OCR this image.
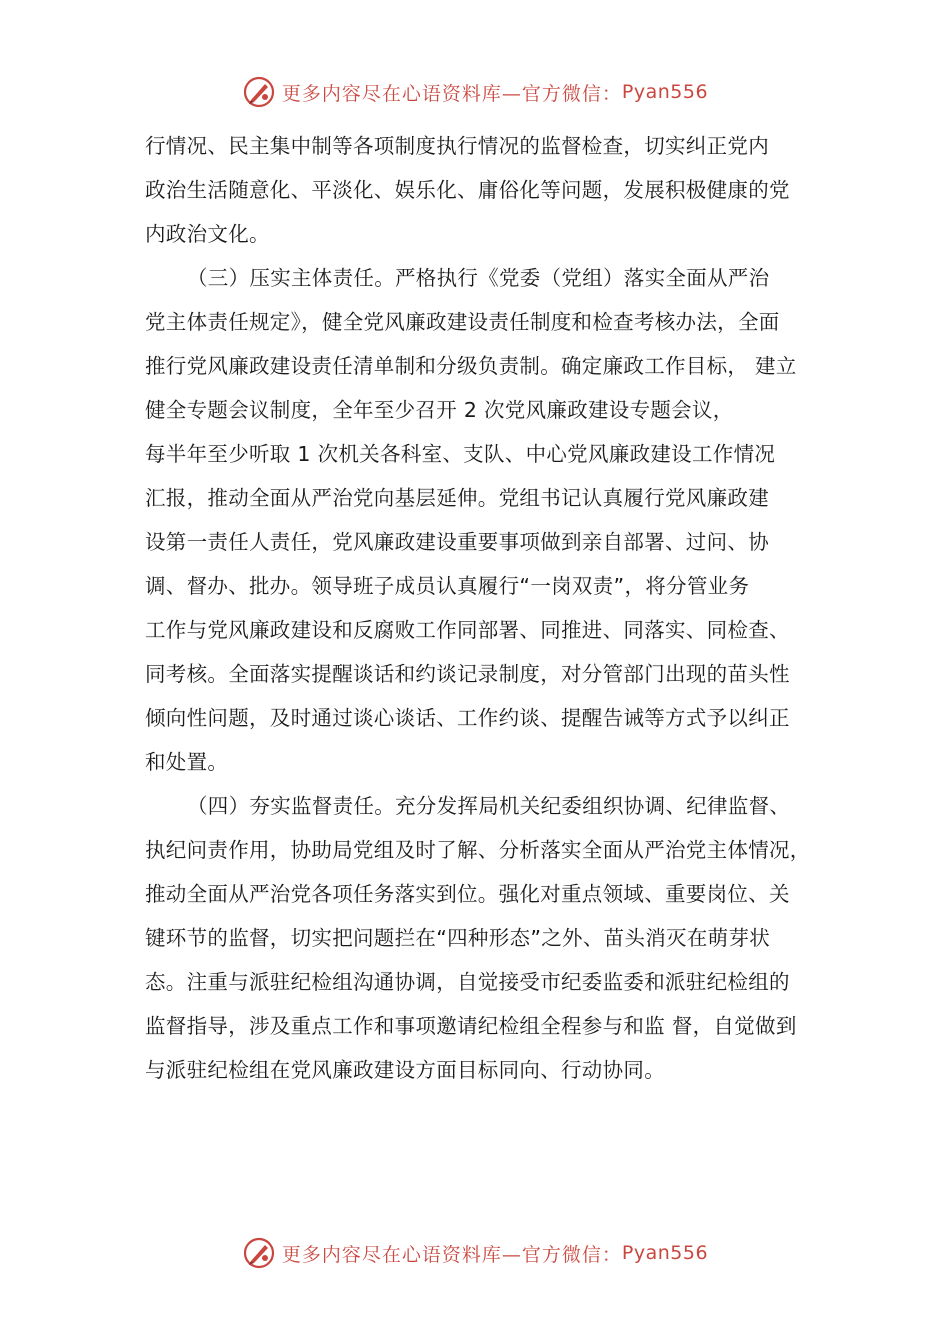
更多内容尽在心语资料库—官方微信： Pyan556
行情况、民主集中制等各项制度执行情况的监督检查，切实纠正党内
政治生活随意化、平淡化、娱乐化、庸俗化等问题，发展积极健康的党
内政治文化。
（三）压实主体责任。严格执行《党委（党组）落实全面从严治
党主体责任规定》，健全党风廉政建设责任制度和检查考核办法，全面
推行党风廉政建设责任清单制和分级负责制。确定廉政工作目标， 建立
健全专题会议制度，全年至少召开 2 次党风廉政建设专题会议，
每半年至少听取 1 次机关各科室、支队、中心党风廉政建设工作情况
汇报，推动全面从严治党向基层延伸。党组书记认真履行党风廉政建
设第一责任人责任，党风廉政建设重要事项做到亲自部署、过问、协
调、督办、批办。领导班子成员认真履行“一岗双责”，将分管业务
工作与党风廉政建设和反腐败工作同部署、同推进、同落实、同检查、
同考核。全面落实提醒谈话和约谈记录制度，对分管部门出现的苗头性
倾向性问题，及时通过谈心谈话、工作约谈、提醒告诫等方式予以纠正
和处置。
（四）夯实监督责任。充分发挥局机关纪委组织协调、纪律监督、
执纪问责作用，协助局党组及时了解、分析落实全面从严治党主体情况，
推动全面从严治党各项任务落实到位。强化对重点领域、重要岗位、关
键环节的监督，切实把问题拦在“四种形态”之外、苗头消灭在萌芽状
态。注重与派驻纪检组沟通协调，自觉接受市纪委监委和派驻纪检组的
监督指导，涉及重点工作和事项邀请纪检组全程参与和监 督，自觉做到
与派驻纪检组在党风廉政建设方面目标同向、行动协同。
更多内容尽在心语资料库—官方微信： Pyan556
